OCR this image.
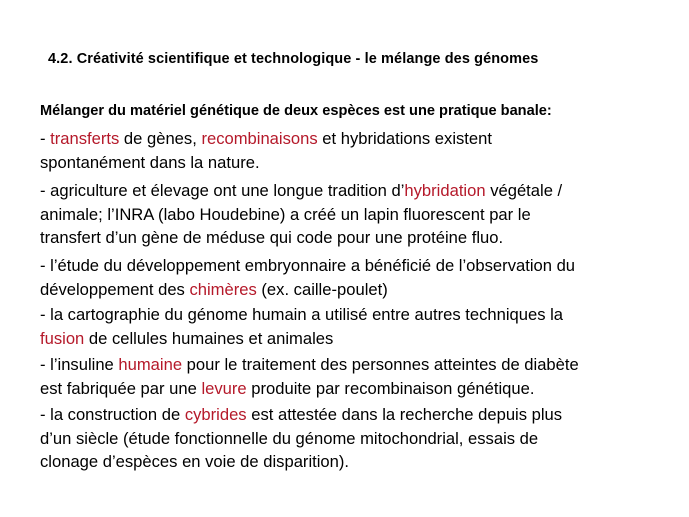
4.2. Créativité scientifique et technologique - le mélange des génomes
Mélanger du matériel génétique de deux espèces est une pratique banale:
- transferts de gènes, recombinaisons et hybridations existent
spontanément dans la nature.
- agriculture et élevage ont une longue tradition d’hybridation végétale /
animale; l’INRA (labo Houdebine) a créé un lapin fluorescent par le
transfert d’un gène de méduse qui code pour une protéine fluo.
- l’étude du développement embryonnaire a bénéficié de l’observation du
développement des chimères (ex. caille-poulet)
- la cartographie du génome humain a utilisé entre autres techniques la
fusion de cellules humaines et animales
- l’insuline humaine pour le traitement des personnes atteintes de diabète
est fabriquée par une levure produite par recombinaison génétique.
- la construction de cybrides est attestée dans la recherche depuis plus
d’un siècle (étude fonctionnelle du génome mitochondrial, essais de
clonage d’espèces en voie de disparition).
